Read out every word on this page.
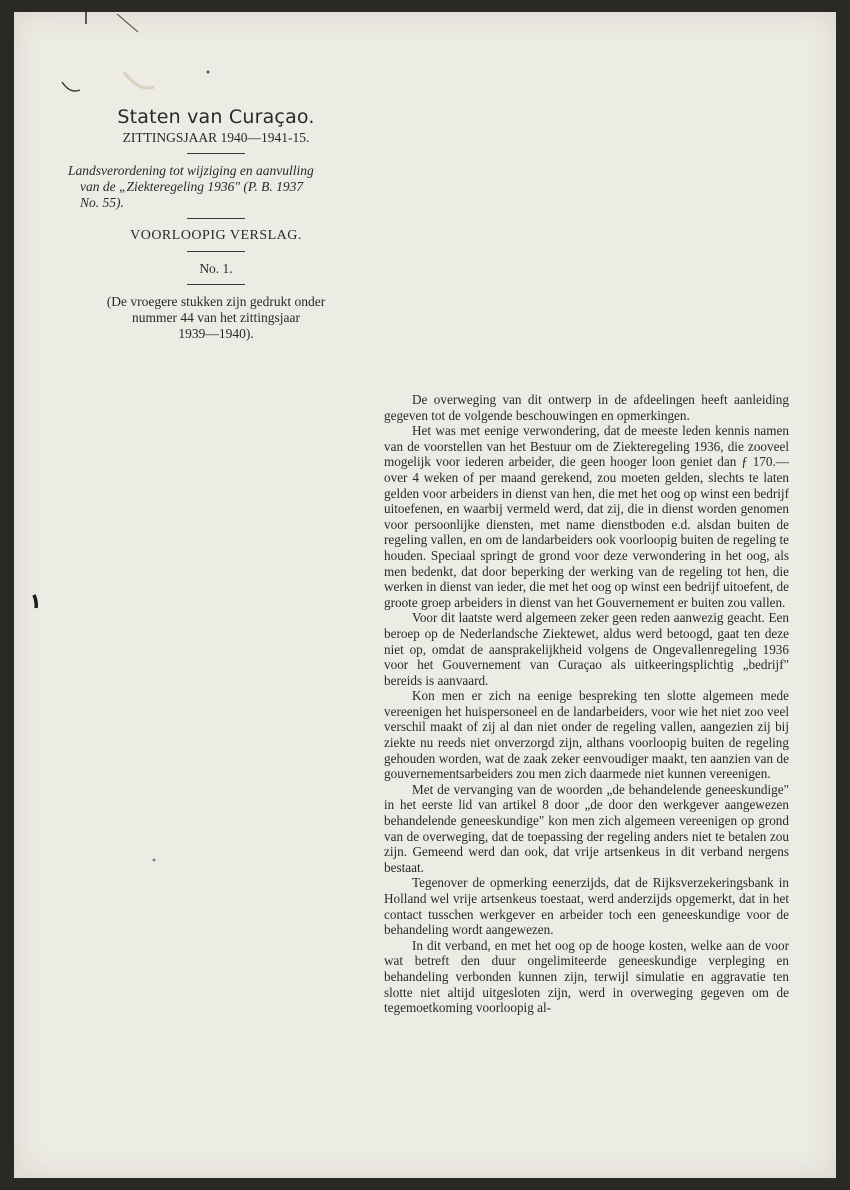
Staten van Curaçao.
ZITTINGSJAAR 1940—1941-15.
Landsverordening tot wijziging en aanvulling
van de „Ziekteregeling 1936" (P. B. 1937
No. 55).
VOORLOOPIG VERSLAG.
No. 1.
(De vroegere stukken zijn gedrukt onder
nummer 44 van het zittingsjaar
1939—1940).

De overweging van dit ontwerp in de afdeelingen heeft aanleiding gegeven tot de volgende beschouwingen en opmerkingen.

Het was met eenige verwondering, dat de meeste leden kennis namen van de voorstellen van het Bestuur om de Ziekteregeling 1936, die zooveel mogelijk voor iederen arbeider, die geen hooger loon geniet dan ƒ 170.— over 4 weken of per maand gerekend, zou moeten gelden, slechts te laten gelden voor arbeiders in dienst van hen, die met het oog op winst een bedrijf uitoefenen, en waarbij vermeld werd, dat zij, die in dienst worden genomen voor persoonlijke diensten, met name dienstboden e.d. alsdan buiten de regeling vallen, en om de landarbeiders ook voorloopig buiten de regeling te houden. Speciaal springt de grond voor deze verwondering in het oog, als men bedenkt, dat door beperking der werking van de regeling tot hen, die werken in dienst van ieder, die met het oog op winst een bedrijf uitoefent, de groote groep arbeiders in dienst van het Gouvernement er buiten zou vallen.

Voor dit laatste werd algemeen zeker geen reden aanwezig geacht. Een beroep op de Nederlandsche Ziektewet, aldus werd betoogd, gaat ten deze niet op, omdat de aansprakelijkheid volgens de Ongevallenregeling 1936 voor het Gouvernement van Curaçao als uitkeeringsplichtig „bedrijf" bereids is aanvaard.

Kon men er zich na eenige bespreking ten slotte algemeen mede vereenigen het huispersoneel en de landarbeiders, voor wie het niet zoo veel verschil maakt of zij al dan niet onder de regeling vallen, aangezien zij bij ziekte nu reeds niet onverzorgd zijn, althans voorloopig buiten de regeling gehouden worden, wat de zaak zeker eenvoudiger maakt, ten aanzien van de gouvernementsarbeiders zou men zich daarmede niet kunnen vereenigen.

Met de vervanging van de woorden „de behandelende geneeskundige" in het eerste lid van artikel 8 door „de door den werkgever aangewezen behandelende geneeskundige" kon men zich algemeen vereenigen op grond van de overweging, dat de toepassing der regeling anders niet te betalen zou zijn. Gemeend werd dan ook, dat vrije artsenkeus in dit verband nergens bestaat.

Tegenover de opmerking eenerzijds, dat de Rijksverzekeringsbank in Holland wel vrije artsenkeus toestaat, werd anderzijds opgemerkt, dat in het contact tusschen werkgever en arbeider toch een geneeskundige voor de behandeling wordt aangewezen.

In dit verband, en met het oog op de hooge kosten, welke aan de voor wat betreft den duur ongelimiteerde geneeskundige verpleging en behandeling verbonden kunnen zijn, terwijl simulatie en aggravatie ten slotte niet altijd uitgesloten zijn, werd in overweging gegeven om de tegemoetkoming voorloopig al-
